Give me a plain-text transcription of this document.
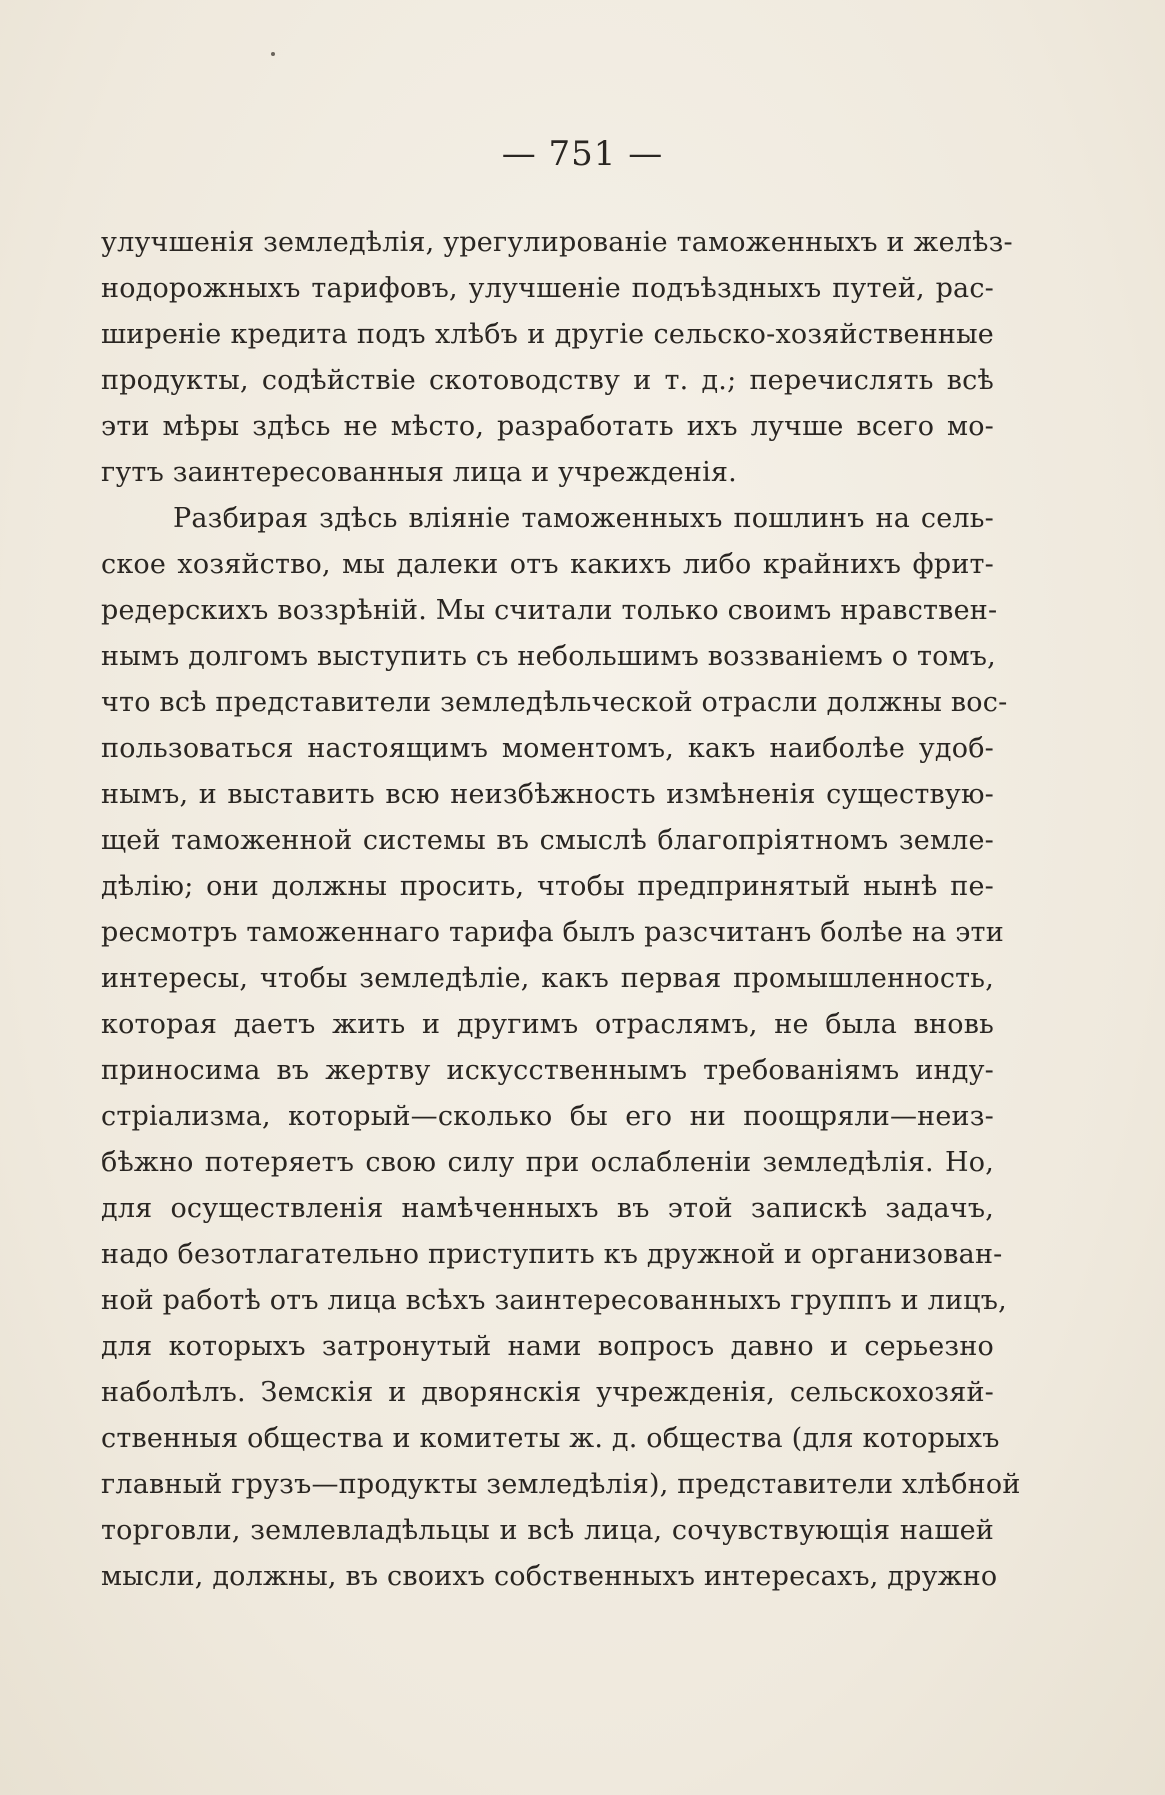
— 751 —
улучшенія земледѣлія, урегулированіе таможенныхъ и желѣз-
нодорожныхъ тарифовъ, улучшеніе подъѣздныхъ путей, рас-
ширеніе кредита подъ хлѣбъ и другіе сельско-хозяйственные
продукты, содѣйствіе скотоводству и т. д.; перечислять всѣ
эти мѣры здѣсь не мѣсто, разработать ихъ лучше всего мо-
гутъ заинтересованныя лица и учрежденія.
Разбирая здѣсь вліяніе таможенныхъ пошлинъ на сель-
ское хозяйство, мы далеки отъ какихъ либо крайнихъ фрит-
редерскихъ воззрѣній. Мы считали только своимъ нравствен-
нымъ долгомъ выступить съ небольшимъ воззваніемъ о томъ,
что всѣ представители земледѣльческой отрасли должны вос-
пользоваться настоящимъ моментомъ, какъ наиболѣе удоб-
нымъ, и выставить всю неизбѣжность измѣненія существую-
щей таможенной системы въ смыслѣ благопріятномъ земле-
дѣлію; они должны просить, чтобы предпринятый нынѣ пе-
ресмотръ таможеннаго тарифа былъ разсчитанъ болѣе на эти
интересы, чтобы земледѣліе, какъ первая промышленность,
которая даетъ жить и другимъ отраслямъ, не была вновь
приносима въ жертву искусственнымъ требованіямъ инду-
стріализма, который—сколько бы его ни поощряли—неиз-
бѣжно потеряетъ свою силу при ослабленіи земледѣлія. Но,
для осуществленія намѣченныхъ въ этой запискѣ задачъ,
надо безотлагательно приступить къ дружной и организован-
ной работѣ отъ лица всѣхъ заинтересованныхъ группъ и лицъ,
для которыхъ затронутый нами вопросъ давно и серьезно
наболѣлъ. Земскія и дворянскія учрежденія, сельскохозяй-
ственныя общества и комитеты ж. д. общества (для которыхъ
главный грузъ—продукты земледѣлія), представители хлѣбной
торговли, землевладѣльцы и всѣ лица, сочувствующія нашей
мысли, должны, въ своихъ собственныхъ интересахъ, дружно
